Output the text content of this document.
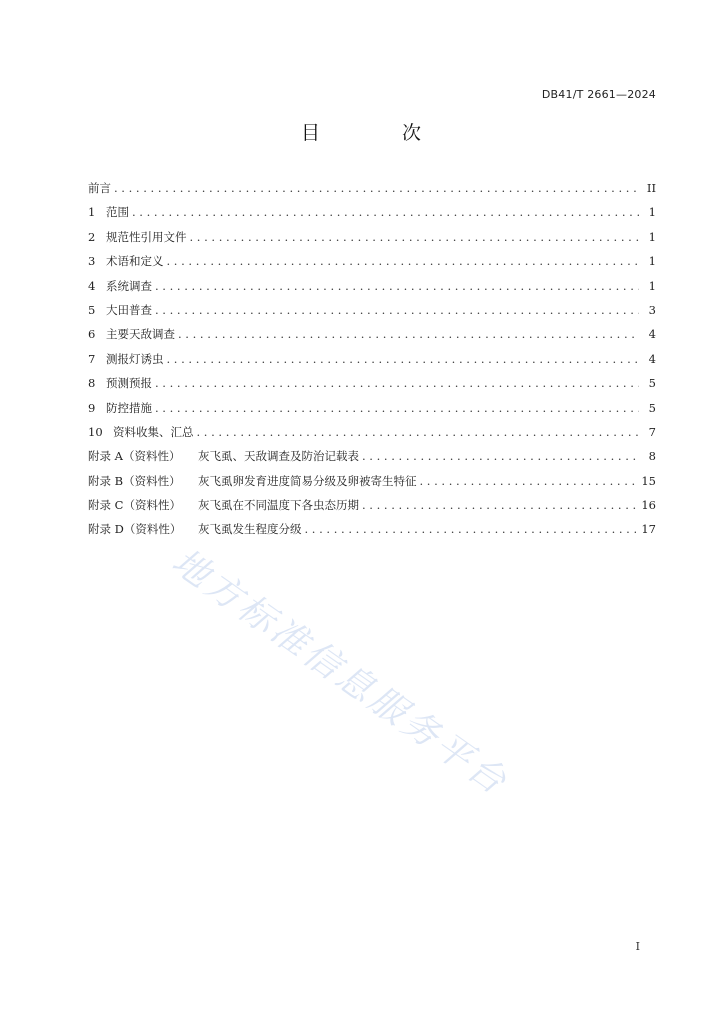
DB41/T 2661—2024
目 次
前言 . . .	II
1 范围 . . .	1
2 规范性引用文件 . . .	1
3 术语和定义 . . .	1
4 系统调查 . . .	1
5 大田普查 . . .	3
6 主要天敌调查 . . .	4
7 测报灯诱虫 . . .	4
8 预测预报 . . .	5
9 防控措施 . . .	5
10 资料收集、汇总 . . .	7
附录 A（资料性）	灰飞虱、天敌调查及防治记载表 . . .	8
附录 B（资料性）	灰飞虱卵发育进度简易分级及卵被寄生特征 . . .	15
附录 C（资料性）	灰飞虱在不同温度下各虫态历期 . . .	16
附录 D（资料性）	灰飞虱发生程度分级 . . .	17
地方标准信息服务平台
I
